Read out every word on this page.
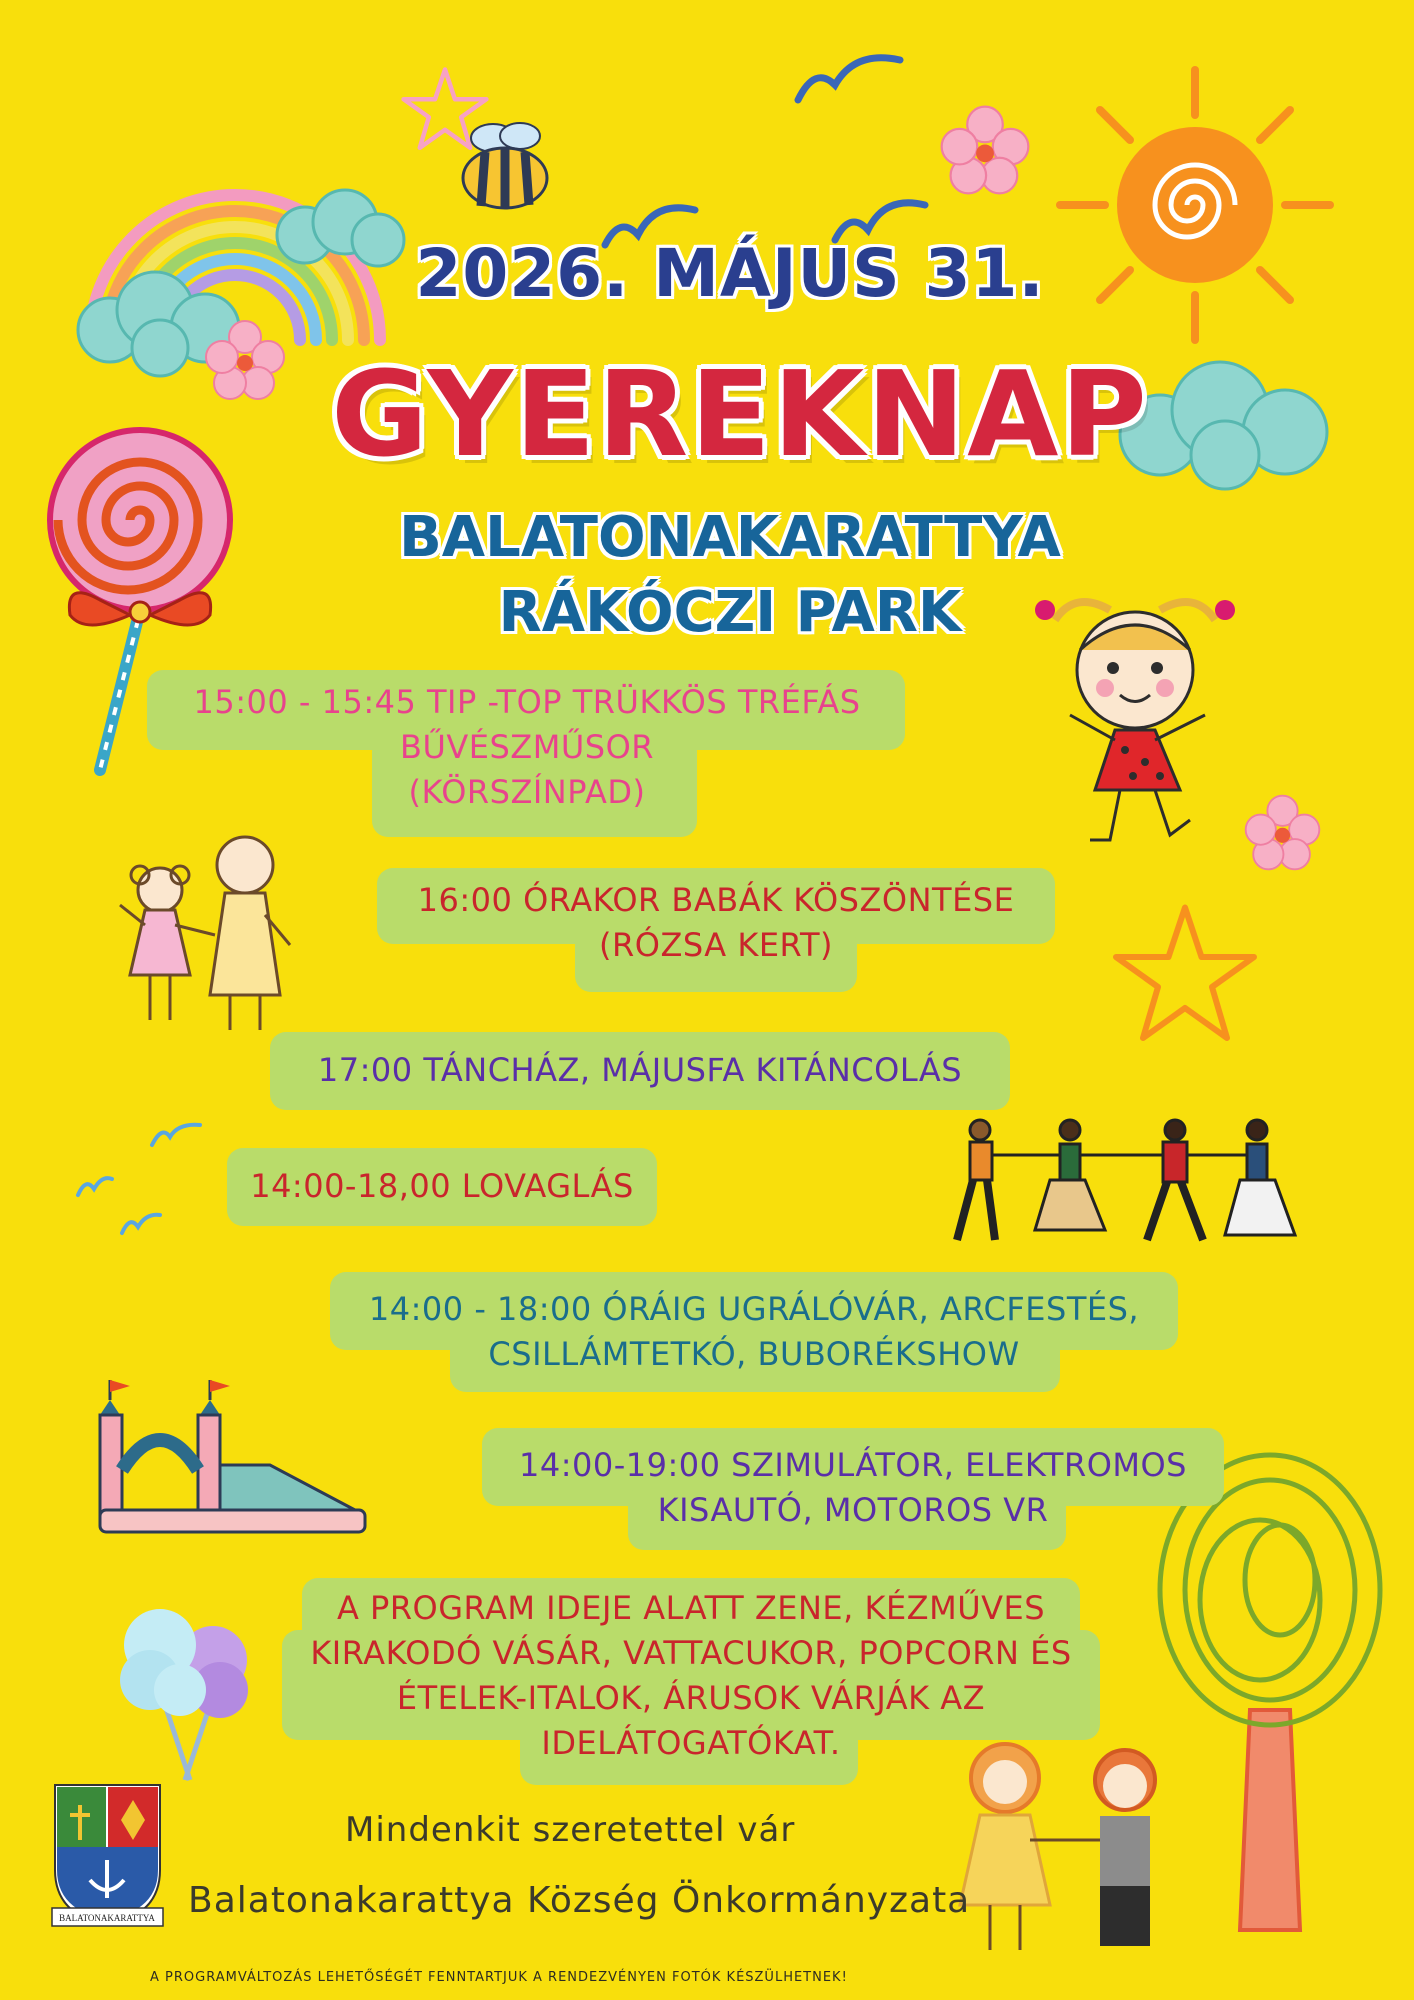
BALATONAKARATTYA
2026. MÁJUS 31.
GYEREKNAP
BALATONAKARATTYA
RÁKÓCZI PARK
15:00 - 15:45 TIP -TOP TRÜKKÖS TRÉFÁS
BŰVÉSZMŰSOR
(KÖRSZÍNPAD)
16:00 ÓRAKOR BABÁK KÖSZÖNTÉSE
(RÓZSA KERT)
17:00 TÁNCHÁZ, MÁJUSFA KITÁNCOLÁS
14:00-18,00 LOVAGLÁS
14:00 - 18:00 ÓRÁIG UGRÁLÓVÁR, ARCFESTÉS,
CSILLÁMTETKÓ, BUBORÉKSHOW
14:00-19:00 SZIMULÁTOR, ELEKTROMOS
KISAUTÓ, MOTOROS VR
A PROGRAM IDEJE ALATT ZENE, KÉZMŰVES
KIRAKODÓ VÁSÁR, VATTACUKOR, POPCORN ÉS
ÉTELEK-ITALOK, ÁRUSOK VÁRJÁK AZ
IDELÁTOGATÓKAT.
Mindenkit szeretettel vár
Balatonakarattya Község Önkormányzata
A PROGRAMVÁLTOZÁS LEHETŐSÉGÉT FENNTARTJUK A RENDEZVÉNYEN FOTÓK KÉSZÜLHETNEK!
